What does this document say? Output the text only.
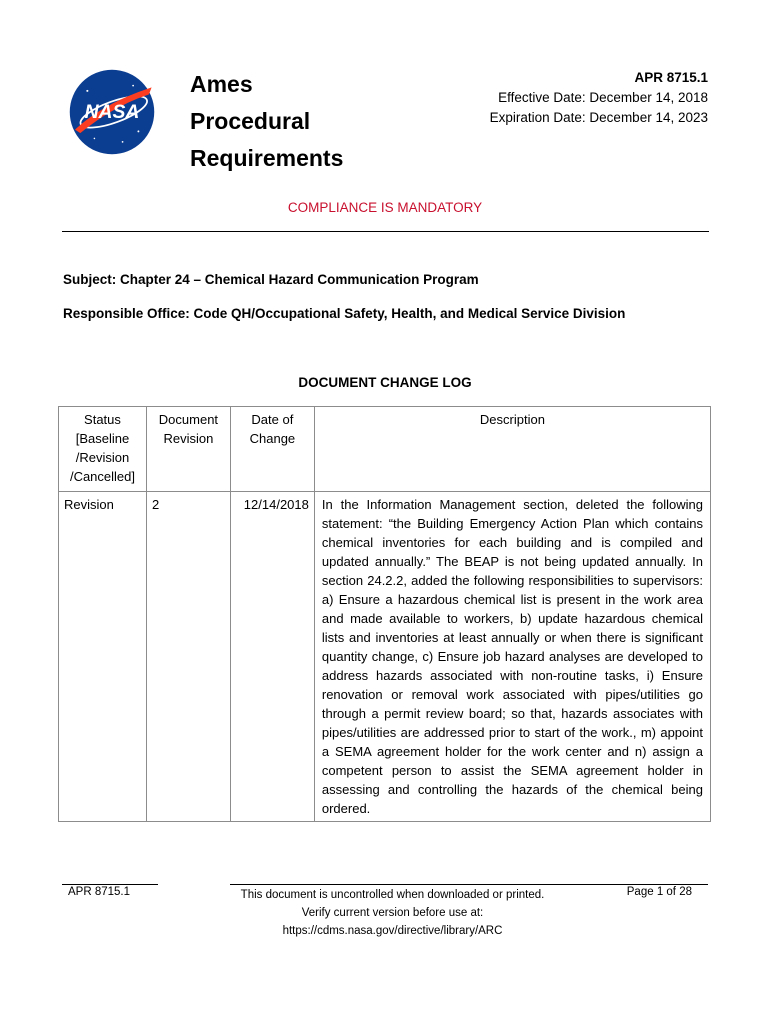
NASA
Ames
Procedural
Requirements
APR 8715.1
Effective Date: December 14, 2018
Expiration Date: December 14, 2023
COMPLIANCE IS MANDATORY
Subject: Chapter 24 – Chemical Hazard Communication Program
Responsible Office: Code QH/Occupational Safety, Health, and Medical Service Division
DOCUMENT CHANGE LOG
Status [Baseline /Revision /Cancelled]	Document Revision	Date of Change	Description
Revision	2	12/14/2018	In the Information Management section, deleted the following statement: “the Building Emergency Action Plan which contains chemical inventories for each building and is compiled and updated annually.” The BEAP is not being updated annually. In section 24.2.2, added the following responsibilities to supervisors: a) Ensure a hazardous chemical list is present in the work area and made available to workers, b) update hazardous chemical lists and inventories at least annually or when there is significant quantity change, c) Ensure job hazard analyses are developed to address hazards associated with non-routine tasks, i) Ensure renovation or removal work associated with pipes/utilities go through a permit review board; so that, hazards associates with pipes/utilities are addressed prior to start of the work., m) appoint a SEMA agreement holder for the work center and n) assign a competent person to assist the SEMA agreement holder in assessing and controlling the hazards of the chemical being ordered.
APR 8715.1	This document is uncontrolled when downloaded or printed.
Verify current version before use at:
https://cdms.nasa.gov/directive/library/ARC
Page 1 of 28
